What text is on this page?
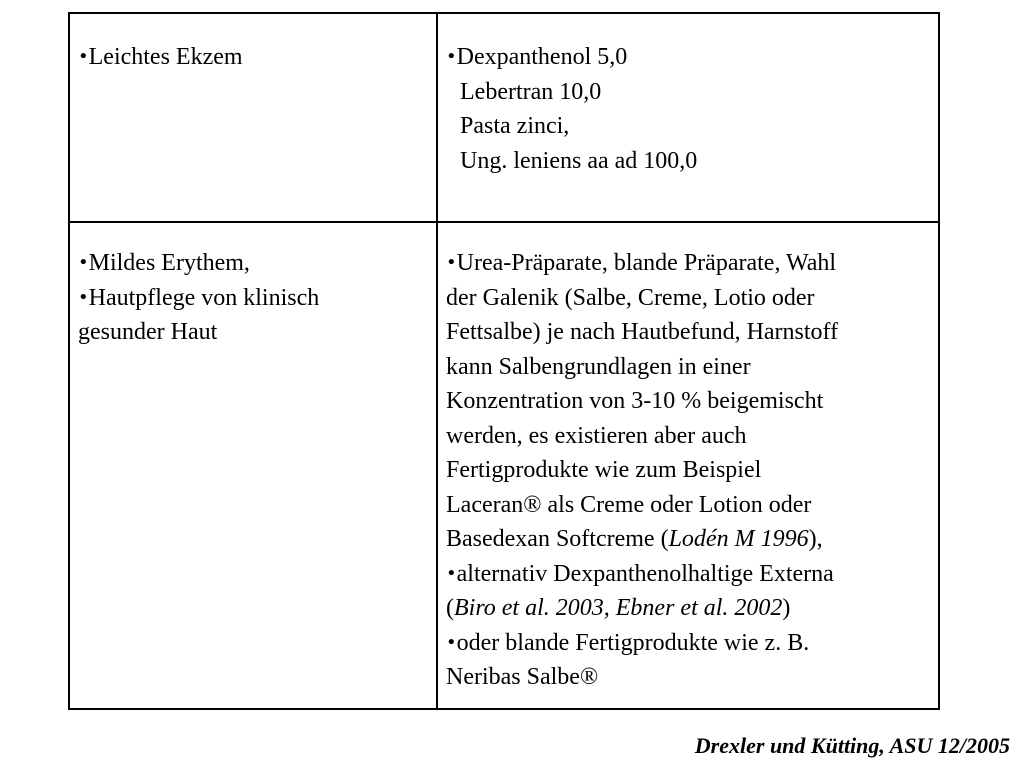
•Leichtes Ekzem	•Dexpanthenol 5,0
Lebertran 10,0
Pasta zinci,
Ung. leniens aa ad 100,0
•Mildes Erythem,
•Hautpflege von klinisch
gesunder Haut
•Urea-Präparate, blande Präparate, Wahl
der Galenik (Salbe, Creme, Lotio oder
Fettsalbe) je nach Hautbefund, Harnstoff
kann Salbengrundlagen in einer
Konzentration von 3-10 % beigemischt
werden, es existieren aber auch
Fertigprodukte wie zum Beispiel
Laceran® als Creme oder Lotion oder
Basedexan Softcreme (Lodén M 1996),
•alternativ Dexpanthenolhaltige Externa
(Biro et al. 2003, Ebner et al. 2002)
•oder blande Fertigprodukte wie z. B.
Neribas Salbe®
Drexler und Kütting, ASU 12/2005
